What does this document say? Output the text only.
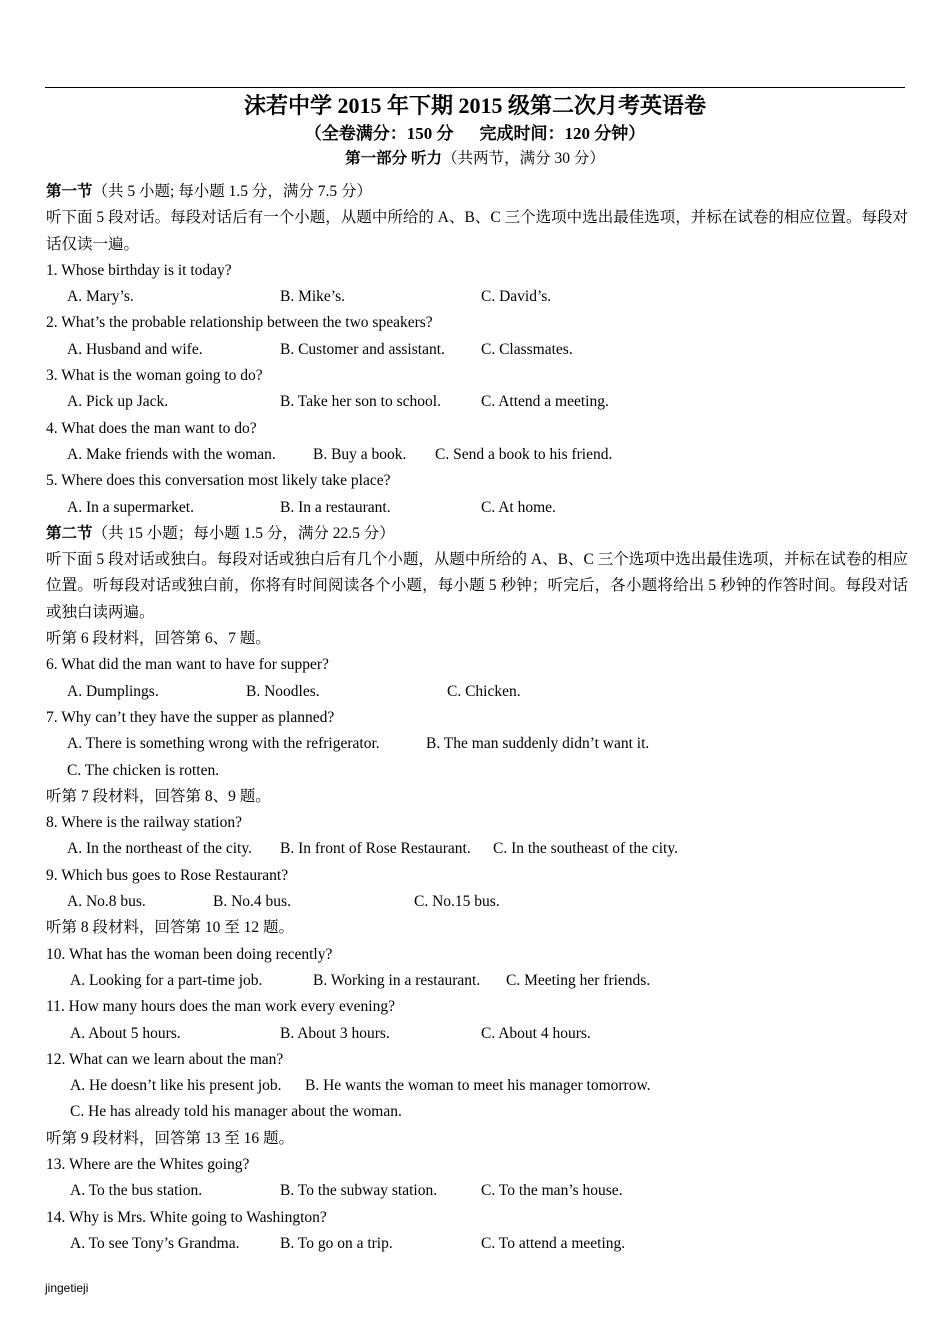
沫若中学 2015 年下期 2015 级第二次月考英语卷
（全卷满分：150 分 完成时间：120 分钟）
第一部分 听力（共两节，满分 30 分）
第一节（共 5 小题; 每小题 1.5 分，满分 7.5 分）
听下面 5 段对话。每段对话后有一个小题，从题中所给的 A、B、C 三个选项中选出最佳选项，并标在试卷的相应位置。每段对话仅读一遍。
1. Whose birthday is it today?
A. Mary’s.	B. Mike’s.	C. David’s.
2. What’s the probable relationship between the two speakers?
A. Husband and wife.	B. Customer and assistant. C. Classmates.
3. What is the woman going to do?
A. Pick up Jack.	B. Take her son to school.	C. Attend a meeting.
4. What does the man want to do?
A. Make friends with the woman. B. Buy a book. C. Send a book to his friend.
5. Where does this conversation most likely take place?
A. In a supermarket.	B. In a restaurant.	C. At home.
第二节（共 15 小题；每小题 1.5 分，满分 22.5 分）
听下面 5 段对话或独白。每段对话或独白后有几个小题，从题中所给的 A、B、C 三个选项中选出最佳选项，并标在试卷的相应位置。听每段对话或独白前，你将有时间阅读各个小题，每小题 5 秒钟；听完后，各小题将给出 5 秒钟的作答时间。每段对话或独白读两遍。
听第 6 段材料，回答第 6、7 题。
6. What did the man want to have for supper?
A. Dumplings.	B. Noodles.	C. Chicken.
7. Why can’t they have the supper as planned?
A. There is something wrong with the refrigerator.	B. The man suddenly didn’t want it.
C. The chicken is rotten.
听第 7 段材料，回答第 8、9 题。
8. Where is the railway station?
A. In the northeast of the city. B. In front of Rose Restaurant. C. In the southeast of the city.
9. Which bus goes to Rose Restaurant?
A. No.8 bus.	B. No.4 bus.	C. No.15 bus.
听第 8 段材料，回答第 10 至 12 题。
10. What has the woman been doing recently?
A. Looking for a part-time job.	B. Working in a restaurant. C. Meeting her friends.
11. How many hours does the man work every evening?
A. About 5 hours.	B. About 3 hours.	C. About 4 hours.
12. What can we learn about the man?
A. He doesn’t like his present job. B. He wants the woman to meet his manager tomorrow.
C. He has already told his manager about the woman.
听第 9 段材料，回答第 13 至 16 题。
13. Where are the Whites going?
A. To the bus station.	B. To the subway station.	C. To the man’s house.
14. Why is Mrs. White going to Washington?
A. To see Tony’s Grandma.	B. To go on a trip.	C. To attend a meeting.
jingetieji
